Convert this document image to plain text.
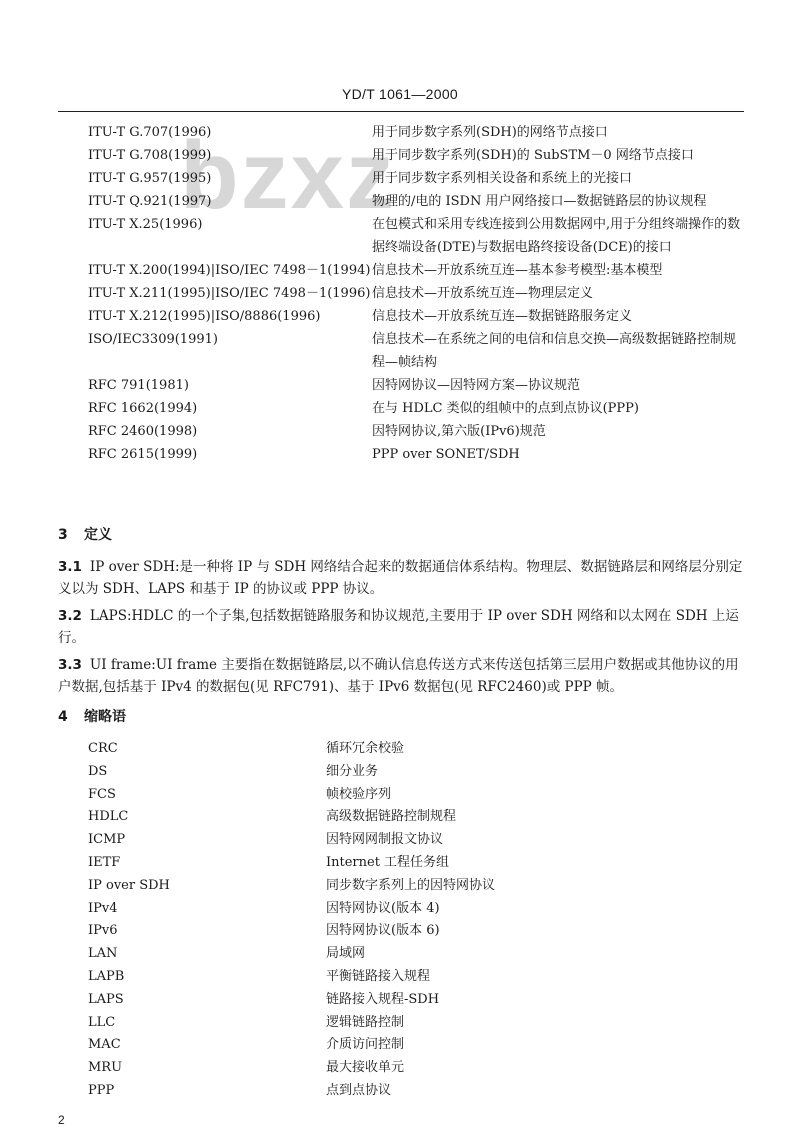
bzxz
YD/T 1061—2000
ITU-T G.707(1996)	用于同步数字系列(SDH)的网络节点接口
ITU-T G.708(1999)	用于同步数字系列(SDH)的 SubSTM－0 网络节点接口
ITU-T G.957(1995)	用于同步数字系列相关设备和系统上的光接口
ITU-T Q.921(1997)	物理的/电的 ISDN 用户网络接口—数据链路层的协议规程
ITU-T X.25(1996)	在包模式和采用专线连接到公用数据网中,用于分组终端操作的数据终端设备(DTE)与数据电路终接设备(DCE)的接口
ITU-T X.200(1994)|ISO/IEC 7498－1(1994) 信息技术—开放系统互连—基本参考模型:基本模型
ITU-T X.211(1995)|ISO/IEC 7498－1(1996) 信息技术—开放系统互连—物理层定义
ITU-T X.212(1995)|ISO/8886(1996)	信息技术—开放系统互连—数据链路服务定义
ISO/IEC3309(1991)	信息技术—在系统之间的电信和信息交换—高级数据链路控制规程—帧结构
RFC 791(1981)	因特网协议—因特网方案—协议规范
RFC 1662(1994)	在与 HDLC 类似的组帧中的点到点协议(PPP)
RFC 2460(1998)	因特网协议,第六版(IPv6)规范
RFC 2615(1999)	PPP over SONET/SDH
3 定义
3.1 IP over SDH:是一种将 IP 与 SDH 网络结合起来的数据通信体系结构。物理层、数据链路层和网络层分别定义以为 SDH、LAPS 和基于 IP 的协议或 PPP 协议。
3.2 LAPS:HDLC 的一个子集,包括数据链路服务和协议规范,主要用于 IP over SDH 网络和以太网在 SDH 上运行。
3.3 UI frame:UI frame 主要指在数据链路层,以不确认信息传送方式来传送包括第三层用户数据或其他协议的用户数据,包括基于 IPv4 的数据包(见 RFC791)、基于 IPv6 数据包(见 RFC2460)或 PPP 帧。
4 缩略语
CRC	循环冗余校验
DS	细分业务
FCS	帧校验序列
HDLC	高级数据链路控制规程
ICMP	因特网网制报文协议
IETF	Internet 工程任务组
IP over SDH	同步数字系列上的因特网协议
IPv4	因特网协议(版本 4)
IPv6	因特网协议(版本 6)
LAN	局域网
LAPB	平衡链路接入规程
LAPS	链路接入规程-SDH
LLC	逻辑链路控制
MAC	介质访问控制
MRU	最大接收单元
PPP	点到点协议
2
